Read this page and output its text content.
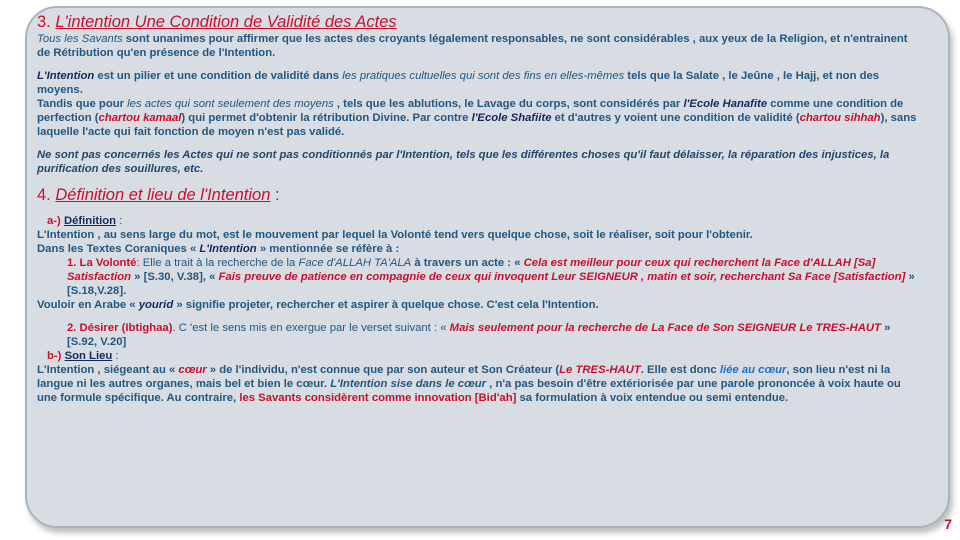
3. L'intention Une Condition de Validité des Actes

Tous les Savants sont unanimes pour affirmer que les actes des croyants légalement responsables, ne sont considérables , aux yeux de la Religion, et n'entrainent de Rétribution qu'en présence de l'Intention.

L'Intention est un pilier et une condition de validité dans les pratiques cultuelles qui sont des fins en elles-mêmes tels que la Salate , le Jeûne , le Hajj, et non des moyens.

Tandis que pour les actes qui sont seulement des moyens , tels que les ablutions, le Lavage du corps, sont considérés par l'Ecole Hanafite comme une condition de perfection (chartou kamaal) qui permet d'obtenir la rétribution Divine. Par contre l'Ecole Shafiite et d'autres y voient une condition de validité (chartou sihhah), sans laquelle l'acte qui fait fonction de moyen n'est pas validé.

Ne sont pas concernés les Actes qui ne sont pas conditionnés par l'Intention, tels que les différentes choses qu'il faut délaisser, la réparation des injustices, la purification des souillures, etc.

4. Définition et lieu de l'Intention :

a-) Définition :

L'Intention , au sens large du mot, est le mouvement par lequel la Volonté tend vers quelque chose, soit le réaliser, soit pour l'obtenir.

Dans les Textes Coraniques « L'Intention » mentionnée se réfère à :

1. La Volonté: Elle a trait à la recherche de la Face d'ALLAH TA'ALA à travers un acte : « Cela est meilleur pour ceux qui recherchent la Face d'ALLAH [Sa] Satisfaction » [S.30, V.38], « Fais preuve de patience en compagnie de ceux qui invoquent Leur SEIGNEUR , matin et soir, recherchant Sa Face [Satisfaction] » [S.18,V.28].

Vouloir en Arabe « yourid » signifie projeter, rechercher et aspirer à quelque chose. C'est cela l'Intention.

2. Désirer (Ibtighaa). C 'est le sens mis en exergue par le verset suivant : « Mais seulement pour la recherche de La Face de Son SEIGNEUR Le TRES-HAUT » [S.92, V.20]

b-) Son Lieu :

L'Intention , siégeant au « cœur » de l'individu, n'est connue que par son auteur et Son Créateur (Le TRES-HAUT. Elle est donc liée au cœur, son lieu n'est ni la langue ni les autres organes, mais bel et bien le cœur. L'Intention sise dans le cœur , n'a pas besoin d'être extériorisée par une parole prononcée à voix haute ou une formule spécifique. Au contraire, les Savants considèrent comme innovation [Bid'ah] sa formulation à voix entendue ou semi entendue.

7
